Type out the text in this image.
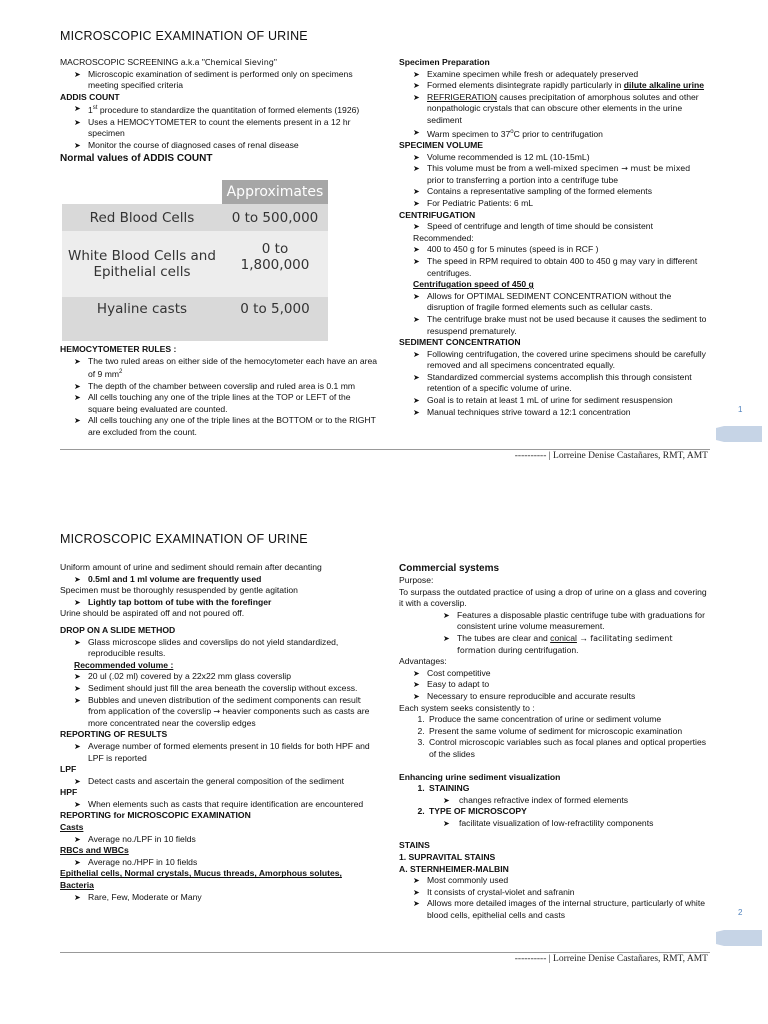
MICROSCOPIC EXAMINATION OF URINE

MACROSCOPIC SCREENING a.k.a "Chemical Sieving"

➤ Microscopic examination of sediment is performed only on specimens meeting specified criteria

ADDIS COUNT

➤ 1st procedure to standardize the quantitation of formed elements (1926)
➤ Uses a HEMOCYTOMETER to count the elements present in a 12 hr specimen
➤ Monitor the course of diagnosed cases of renal disease

Normal values of ADDIS COUNT

	Approximates
Red Blood Cells	0 to 500,000
White Blood Cells and Epithelial cells	0 to 1,800,000
Hyaline casts	0 to 5,000

HEMOCYTOMETER RULES :

➤ The two ruled areas on either side of the hemocytometer each have an area of 9 $mm^2$
➤ The depth of the chamber between coverslip and ruled area is 0.1 mm
➤ All cells touching any one of the triple lines at the TOP or LEFT of the square being evaluated are counted.
➤ All cells touching any one of the triple lines at the BOTTOM or to the RIGHT are excluded from the count.

Specimen Preparation

➤ Examine specimen while fresh or adequately preserved
➤ Formed elements disintegrate rapidly particularly in dilute alkaline urine
➤ REFRIGERATION causes precipitation of amorphous solutes and other nonpathologic crystals that can obscure other elements in the urine sediment
➤ Warm specimen to 37$^o$C prior to centrifugation

SPECIMEN VOLUME

➤ Volume recommended is 12 mL (10-15mL)
➤ This volume must be from a well-mixed specimen → must be mixed prior to transferring a portion into a centrifuge tube
➤ Contains a representative sampling of the formed elements
➤ For Pediatric Patients: 6 mL

CENTRIFUGATION

➤ Speed of centrifuge and length of time should be consistent

Recommended:

➤ 400 to 450 g for 5 minutes (speed is in RCF )
➤ The speed in RPM required to obtain 400 to 450 g may vary in different centrifuges.

Centrifugation speed of 450 g

➤ Allows for OPTIMAL SEDIMENT CONCENTRATION without the disruption of fragile formed elements such as cellular casts.
➤ The centrifuge brake must not be used because it causes the sediment to resuspend prematurely.

SEDIMENT CONCENTRATION

➤ Following centrifugation, the covered urine specimens should be carefully removed and all specimens concentrated equally.
➤ Standardized commercial systems accomplish this through consistent retention of a specific volume of urine.
➤ Goal is to retain at least 1 mL of urine for sediment resuspension
➤ Manual techniques strive toward a 12:1 concentration	1
---------- | Lorreine Denise Castañares, RMT, AMT
MICROSCOPIC EXAMINATION OF URINE

Uniform amount of urine and sediment should remain after decanting

➤ 0.5ml and 1 ml volume are frequently used

Specimen must be thoroughly resuspended by gentle agitation

➤ Lightly tap bottom of tube with the forefinger

Urine should be aspirated off and not poured off.

DROP ON A SLIDE METHOD

➤ Glass microscope slides and coverslips do not yield standardized, reproducible results.

Recommended volume :

➤ 20 ul (.02 ml) covered by a 22x22 mm glass coverslip
➤ Sediment should just fill the area beneath the coverslip without excess.
➤ Bubbles and uneven distribution of the sediment components can result from application of the coverslip → heavier components such as casts are more concentrated near the coverslip edges

REPORTING OF RESULTS

➤ Average number of formed elements present in 10 fields for both HPF and LPF is reported

LPF

➤ Detect casts and ascertain the general composition of the sediment

HPF

➤ When elements such as casts that require identification are encountered

REPORTING for MICROSCOPIC EXAMINATION

Casts

➤ Average no./LPF in 10 fields

RBCs and WBCs

➤ Average no./HPF in 10 fields

Epithelial cells, Normal crystals, Mucus threads, Amorphous solutes, Bacteria

➤ Rare, Few, Moderate or Many

Commercial systems

Purpose:

To surpass the outdated practice of using a drop of urine on a glass and covering it with a coverslip.

➤ Features a disposable plastic centrifuge tube with graduations for consistent urine volume measurement.
➤ The tubes are clear and conical → facilitating sediment formation during centrifugation.

Advantages:

➤ Cost competitive
➤ Easy to adapt to
➤ Necessary to ensure reproducible and accurate results

Each system seeks consistently to :

1. Produce the same concentration of urine or sediment volume
2. Present the same volume of sediment for microscopic examination
3. Control microscopic variables such as focal planes and optical properties of the slides

Enhancing urine sediment visualization

1. STAINING
➤ changes refractive index of formed elements
2. TYPE OF MICROSCOPY
➤ facilitate visualization of low-refractility components

STAINS

1. SUPRAVITAL STAINS

A. STERNHEIMER-MALBIN

➤ Most commonly used
➤ It consists of crystal-violet and safranin
➤ Allows more detailed images of the internal structure, particularly of white blood cells, epithelial cells and casts	2
---------- | Lorreine Denise Castañares, RMT, AMT
